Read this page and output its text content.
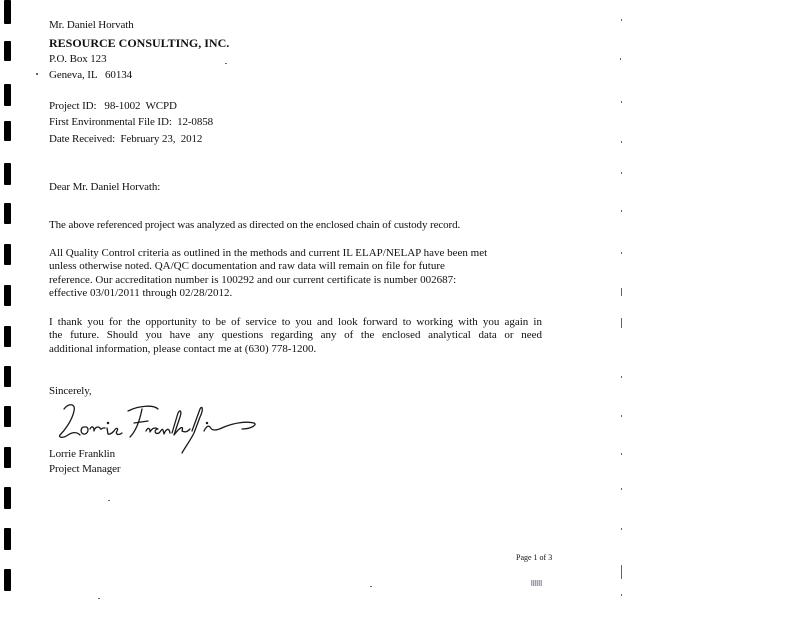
Mr. Daniel Horvath
RESOURCE CONSULTING, INC.
P.O. Box 123
Geneva, IL   60134
Project ID:   98-1002  WCPD
First Environmental File ID:  12-0858
Date Received:  February 23,  2012
Dear Mr. Daniel Horvath:
The above referenced project was analyzed as directed on the enclosed chain of custody record.
All Quality Control criteria as outlined in the methods and current IL ELAP/NELAP have been met
unless otherwise noted. QA/QC documentation and raw data will remain on file for future
reference. Our accreditation number is 100292 and our current certificate is number 002687:
effective 03/01/2011 through 02/28/2012.
I thank you for the opportunity to be of service to you and look forward to working with you again in
the future. Should you have any questions regarding any of the enclosed analytical data or need
additional information, please contact me at (630) 778-1200.
Sincerely,
Lorrie Franklin
Lorrie Franklin
Project Manager
Page 1 of 3
